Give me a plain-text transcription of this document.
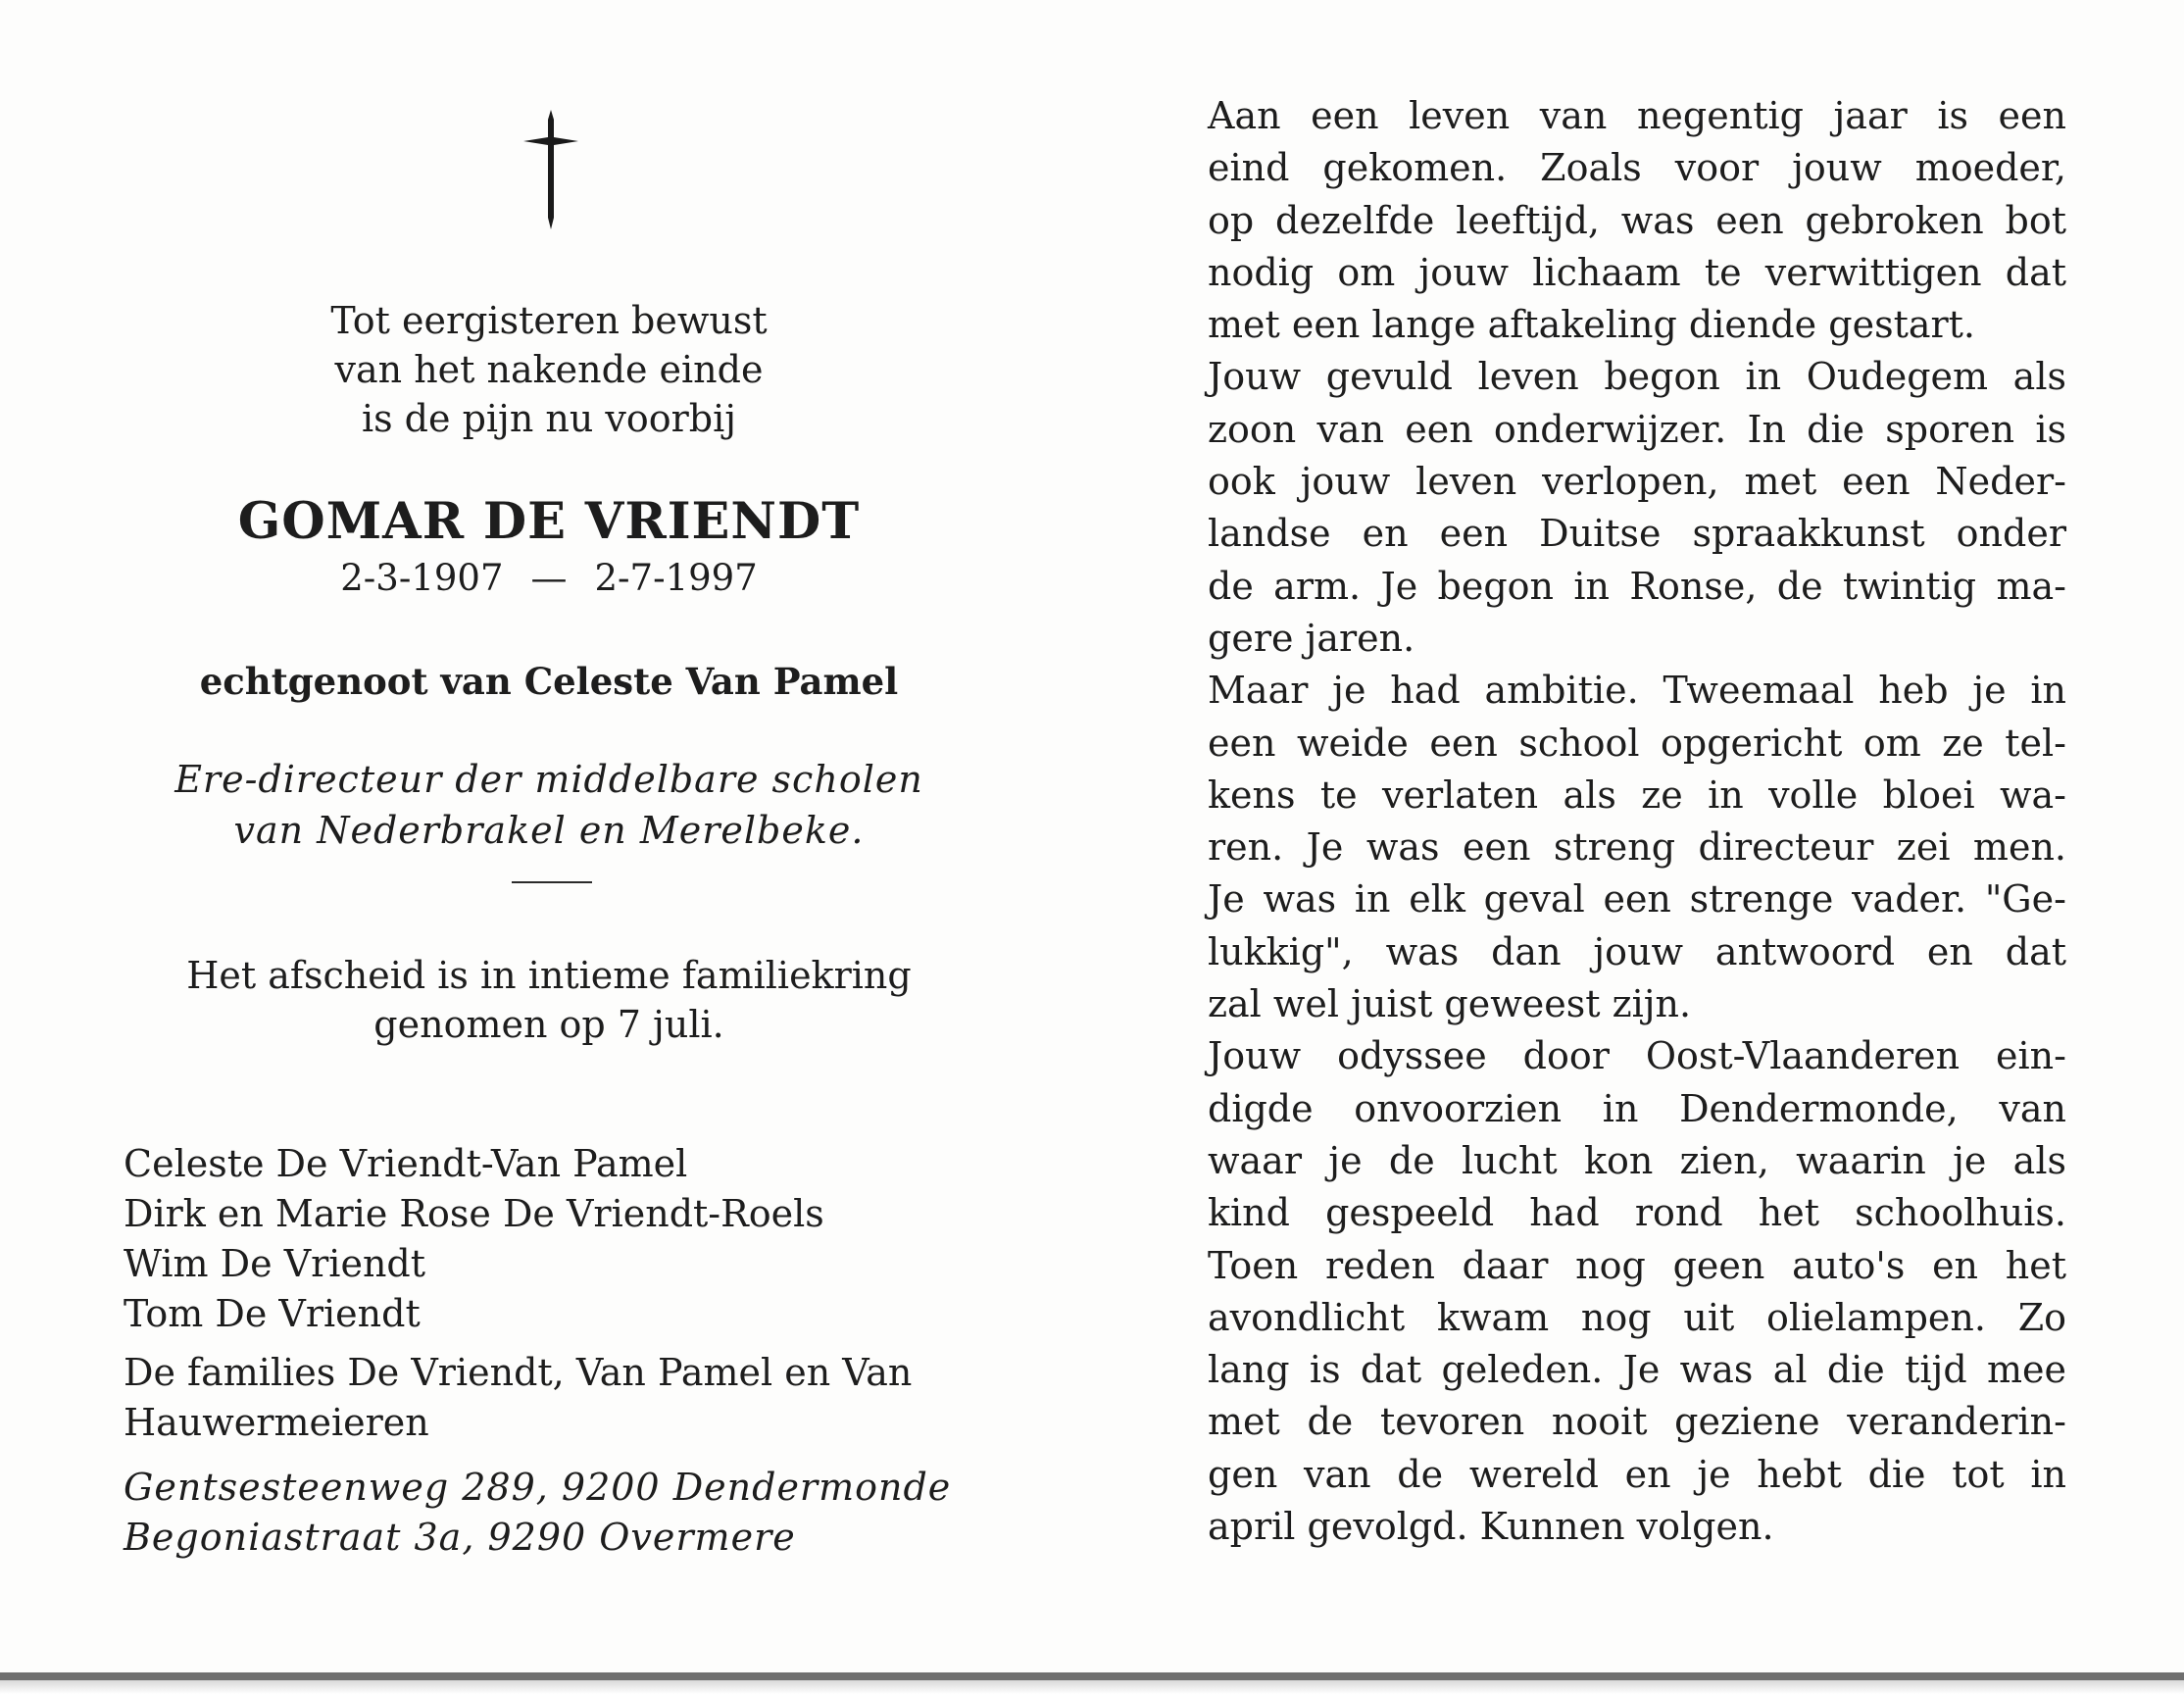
Tot eergisteren bewust
van het nakende einde
is de pijn nu voorbij
GOMAR DE VRIENDT
2-3-1907 — 2-7-1997
echtgenoot van Celeste Van Pamel
Ere-directeur der middelbare scholen
van Nederbrakel en Merelbeke.
Het afscheid is in intieme familiekring
genomen op 7 juli.
Celeste De Vriendt-Van Pamel
Dirk en Marie Rose De Vriendt-Roels
Wim De Vriendt
Tom De Vriendt
De families De Vriendt, Van Pamel en Van
Hauwermeieren
Gentsesteenweg 289, 9200 Dendermonde
Begoniastraat 3a, 9290 Overmere
Aan een leven van negentig jaar is een
eind gekomen. Zoals voor jouw moeder,
op dezelfde leeftijd, was een gebroken bot
nodig om jouw lichaam te verwittigen dat
met een lange aftakeling diende gestart.
Jouw gevuld leven begon in Oudegem als
zoon van een onderwijzer. In die sporen is
ook jouw leven verlopen, met een Neder-
landse en een Duitse spraakkunst onder
de arm. Je begon in Ronse, de twintig ma-
gere jaren.
Maar je had ambitie. Tweemaal heb je in
een weide een school opgericht om ze tel-
kens te verlaten als ze in volle bloei wa-
ren. Je was een streng directeur zei men.
Je was in elk geval een strenge vader. "Ge-
lukkig", was dan jouw antwoord en dat
zal wel juist geweest zijn.
Jouw odyssee door Oost-Vlaanderen ein-
digde onvoorzien in Dendermonde, van
waar je de lucht kon zien, waarin je als
kind gespeeld had rond het schoolhuis.
Toen reden daar nog geen auto's en het
avondlicht kwam nog uit olielampen. Zo
lang is dat geleden. Je was al die tijd mee
met de tevoren nooit geziene veranderin-
gen van de wereld en je hebt die tot in
april gevolgd. Kunnen volgen.
